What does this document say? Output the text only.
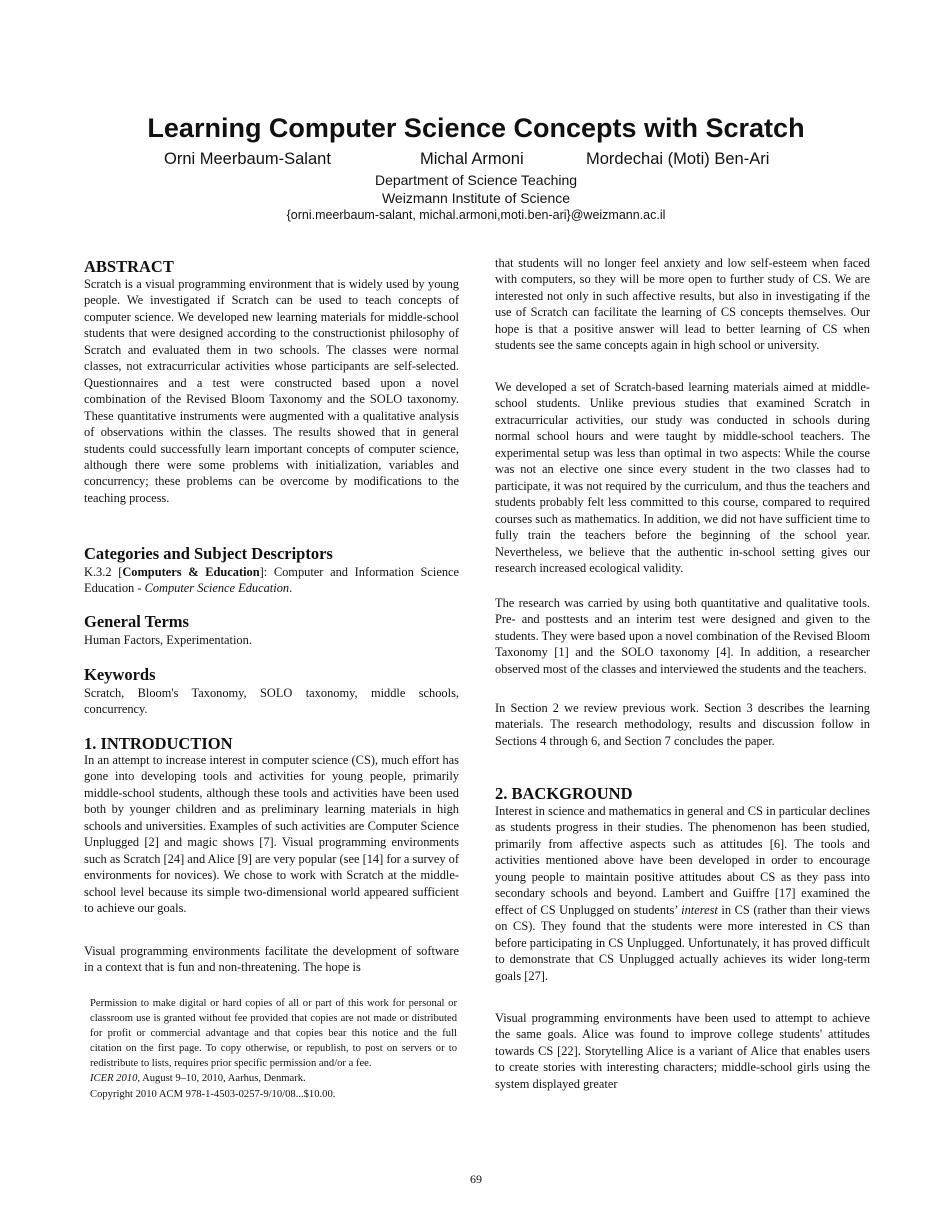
Learning Computer Science Concepts with Scratch
Orni Meerbaum-Salant	Michal Armoni	Mordechai (Moti) Ben-Ari
Department of Science Teaching
Weizmann Institute of Science
{orni.meerbaum-salant, michal.armoni,moti.ben-ari}@weizmann.ac.il
ABSTRACT

Scratch is a visual programming environment that is widely used by young people. We investigated if Scratch can be used to teach concepts of computer science. We developed new learning materials for middle-school students that were designed according to the constructionist philosophy of Scratch and evaluated them in two schools. The classes were normal classes, not extracurricular activities whose participants are self-selected. Questionnaires and a test were constructed based upon a novel combination of the Revised Bloom Taxonomy and the SOLO taxonomy. These quantitative instruments were augmented with a qualitative analysis of observations within the classes. The results showed that in general students could successfully learn important concepts of computer science, although there were some problems with initialization, variables and concurrency; these problems can be overcome by modifications to the teaching process.

Categories and Subject Descriptors

K.3.2 [Computers & Education]: Computer and Information Science Education - Computer Science Education.

General Terms

Human Factors, Experimentation.

Keywords

Scratch, Bloom's Taxonomy, SOLO taxonomy, middle schools, concurrency.

1. INTRODUCTION

In an attempt to increase interest in computer science (CS), much effort has gone into developing tools and activities for young people, primarily middle-school students, although these tools and activities have been used both by younger children and as preliminary learning materials in high schools and universities. Examples of such activities are Computer Science Unplugged [2] and magic shows [7]. Visual programming environments such as Scratch [24] and Alice [9] are very popular (see [14] for a survey of environments for novices). We chose to work with Scratch at the middle-school level because its simple two-dimensional world appeared sufficient to achieve our goals.

Visual programming environments facilitate the development of software in a context that is fun and non-threatening. The hope is

Permission to make digital or hard copies of all or part of this work for personal or classroom use is granted without fee provided that copies are not made or distributed for profit or commercial advantage and that copies bear this notice and the full citation on the first page. To copy otherwise, or republish, to post on servers or to redistribute to lists, requires prior specific permission and/or a fee.
ICER 2010, August 9–10, 2010, Aarhus, Denmark.
Copyright 2010 ACM 978-1-4503-0257-9/10/08...$10.00.

that students will no longer feel anxiety and low self-esteem when faced with computers, so they will be more open to further study of CS. We are interested not only in such affective results, but also in investigating if the use of Scratch can facilitate the learning of CS concepts themselves. Our hope is that a positive answer will lead to better learning of CS when students see the same concepts again in high school or university.

We developed a set of Scratch-based learning materials aimed at middle-school students. Unlike previous studies that examined Scratch in extracurricular activities, our study was conducted in schools during normal school hours and were taught by middle-school teachers. The experimental setup was less than optimal in two aspects: While the course was not an elective one since every student in the two classes had to participate, it was not required by the curriculum, and thus the teachers and students probably felt less committed to this course, compared to required courses such as mathematics. In addition, we did not have sufficient time to fully train the teachers before the beginning of the school year. Nevertheless, we believe that the authentic in-school setting gives our research increased ecological validity.

The research was carried by using both quantitative and qualitative tools. Pre- and posttests and an interim test were designed and given to the students. They were based upon a novel combination of the Revised Bloom Taxonomy [1] and the SOLO taxonomy [4]. In addition, a researcher observed most of the classes and interviewed the students and the teachers.

In Section 2 we review previous work. Section 3 describes the learning materials. The research methodology, results and discussion follow in Sections 4 through 6, and Section 7 concludes the paper.

2. BACKGROUND

Interest in science and mathematics in general and CS in particular declines as students progress in their studies. The phenomenon has been studied, primarily from affective aspects such as attitudes [6]. The tools and activities mentioned above have been developed in order to encourage young people to maintain positive attitudes about CS as they pass into secondary schools and beyond. Lambert and Guiffre [17] examined the effect of CS Unplugged on students’ interest in CS (rather than their views on CS). They found that the students were more interested in CS than before participating in CS Unplugged. Unfortunately, it has proved difficult to demonstrate that CS Unplugged actually achieves its wider long-term goals [27].

Visual programming environments have been used to attempt to achieve the same goals. Alice was found to improve college students' attitudes towards CS [22]. Storytelling Alice is a variant of Alice that enables users to create stories with interesting characters; middle-school girls using the system displayed greater

69
